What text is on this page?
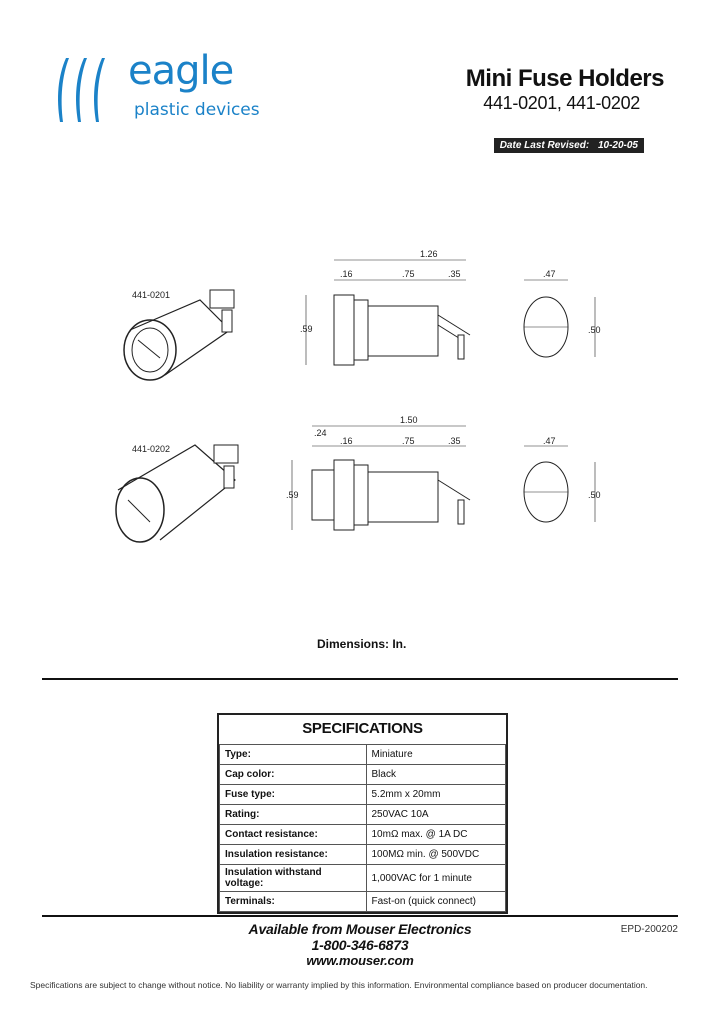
eagle
plastic devices
Mini Fuse Holders
441-0201, 441-0202
Date Last Revised: 10-20-05
441-0201
1.26
.16	.75	.35
.59
.47
.50
441-0202
1.50
.24
.16	.75	.35
.59
.47
.50
Dimensions: In.
SPECIFICATIONS	
Type:	Miniature
Cap color:	Black
Fuse type:	5.2mm x 20mm
Rating:	250VAC 10A
Contact resistance:	10mΩ max. @ 1A DC
Insulation resistance:	100MΩ min. @ 500VDC
Insulation withstand voltage:	1,000VAC for 1 minute
Terminals:	Fast-on (quick connect)
Available from Mouser Electronics
1-800-346-6873
www.mouser.com
EPD-200202
Specifications are subject to change without notice. No liability or warranty implied by this information. Environmental compliance based on producer documentation.
